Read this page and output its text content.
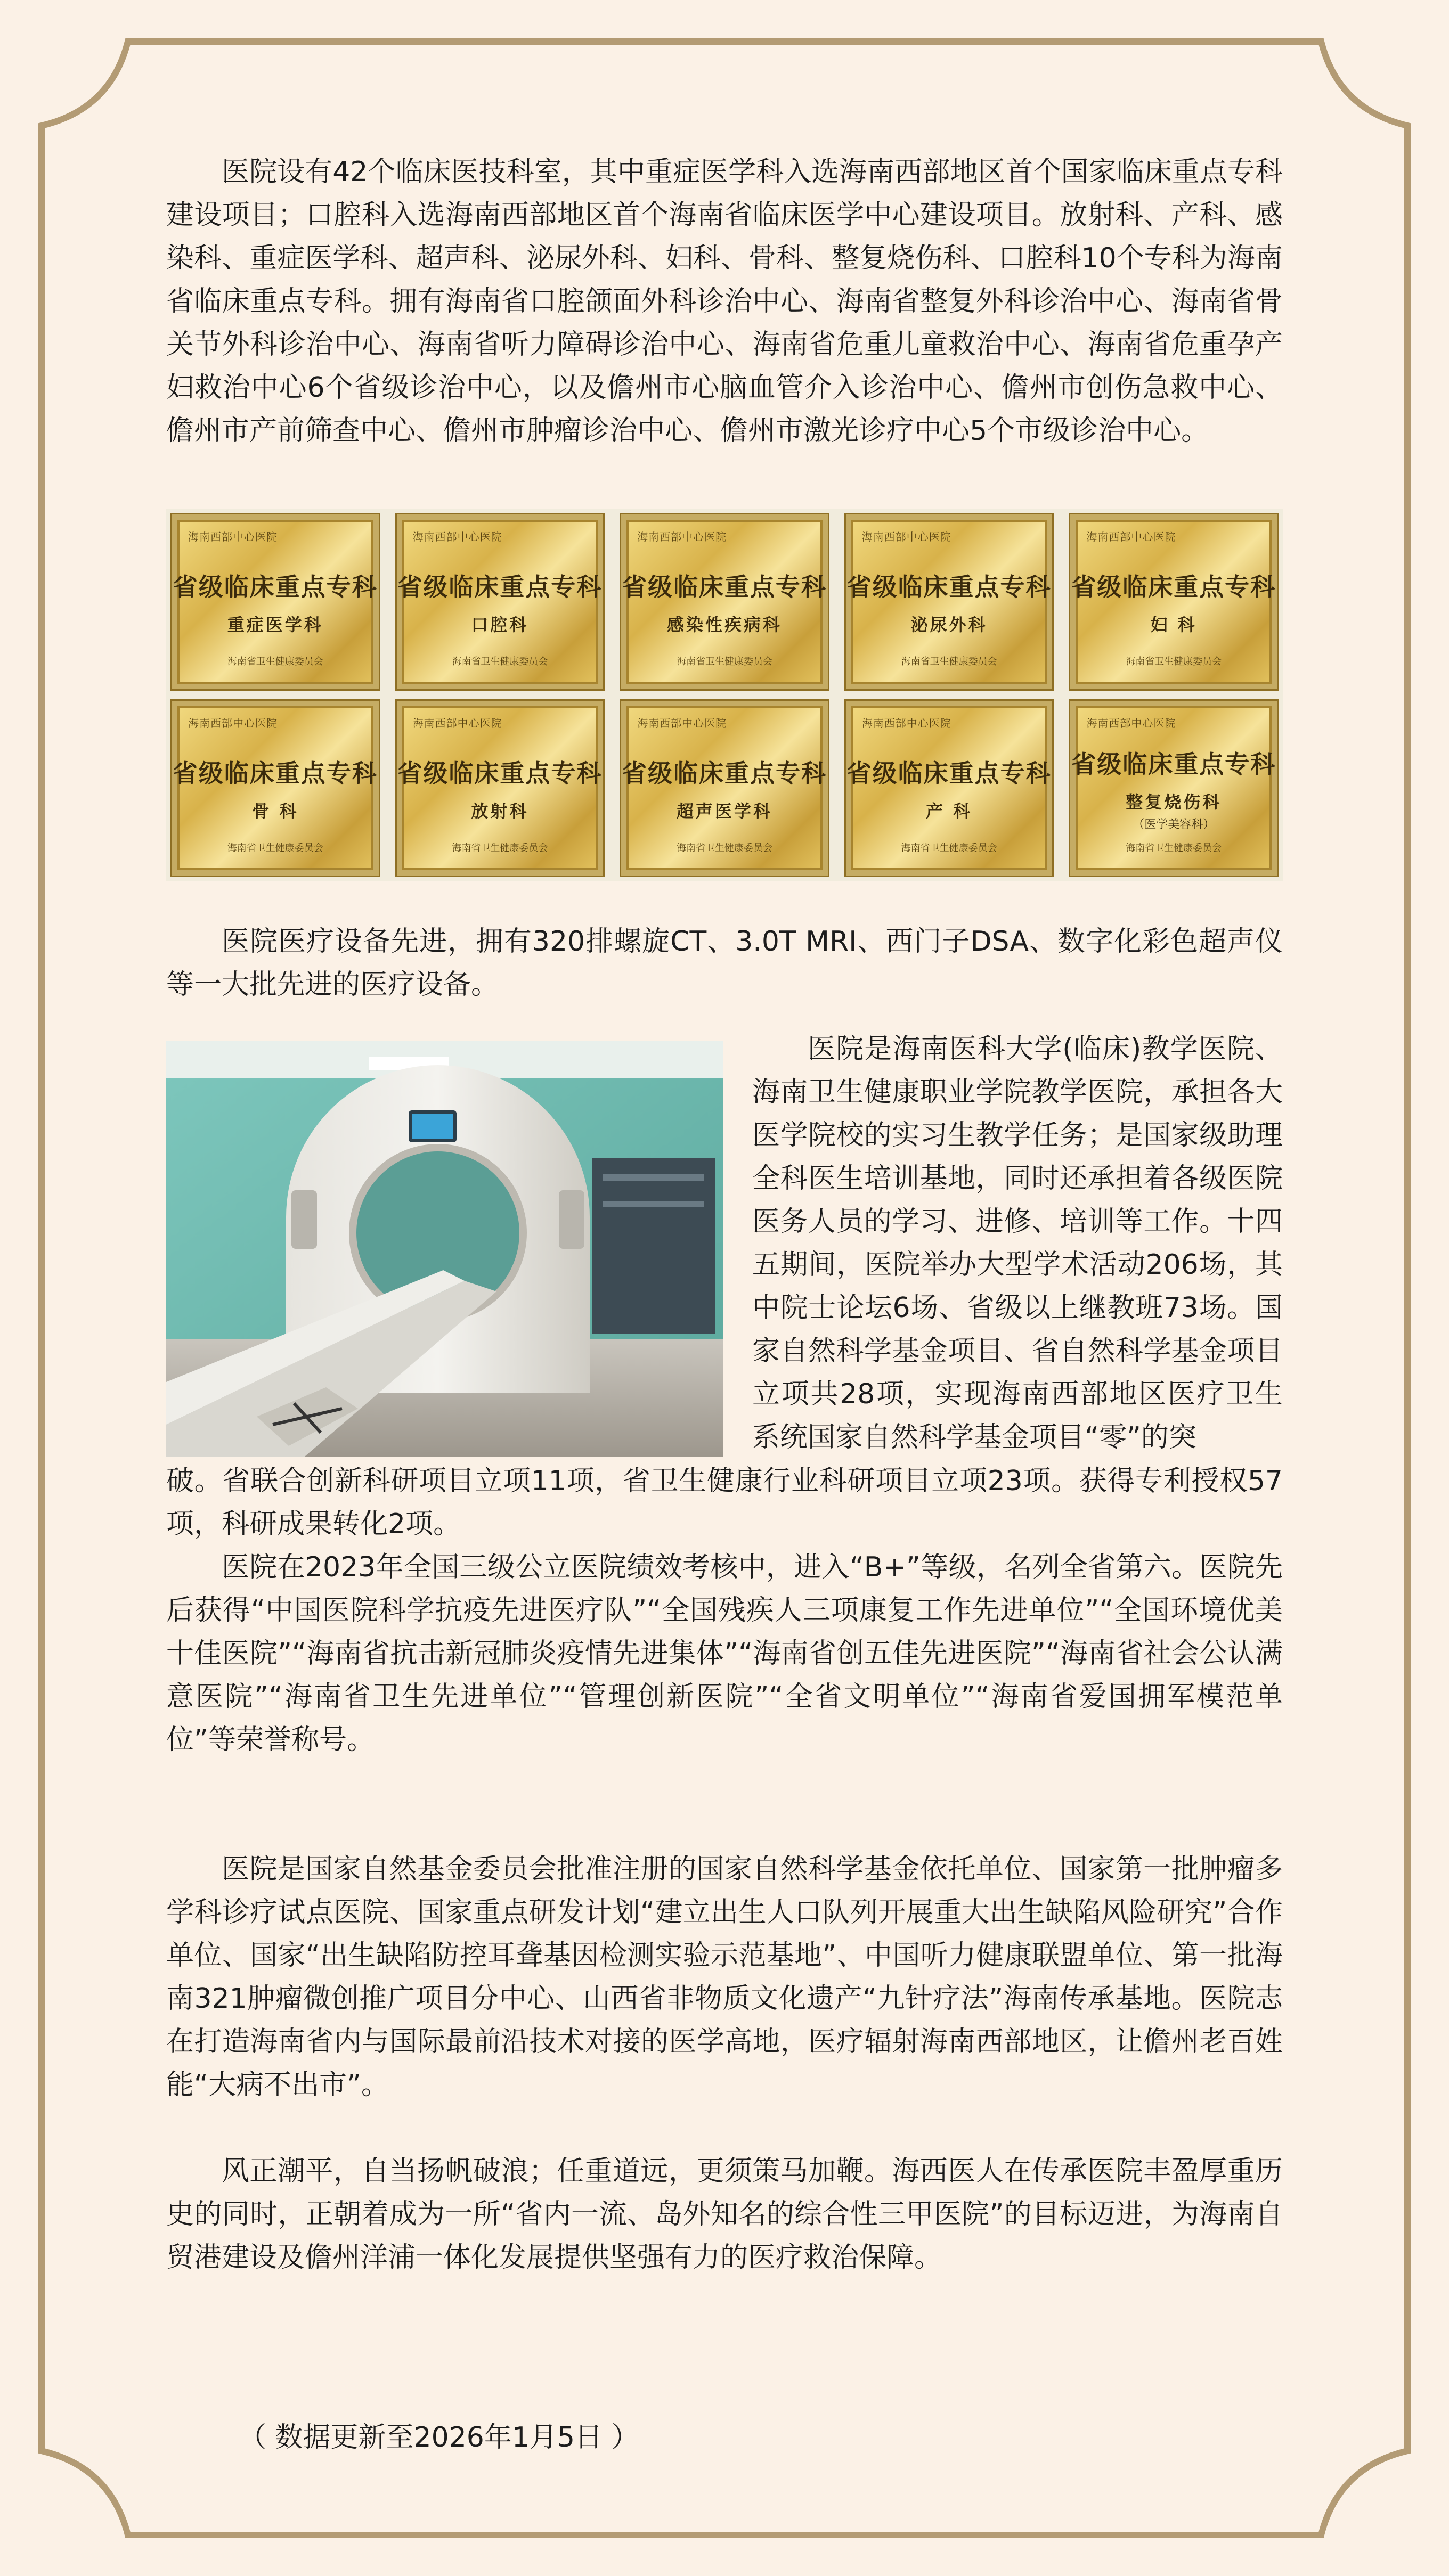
医院设有42个临床医技科室，其中重症医学科入选海南西部地区首个国家临床重点专科建设项目；口腔科入选海南西部地区首个海南省临床医学中心建设项目。放射科、产科、感染科、重症医学科、超声科、泌尿外科、妇科、骨科、整复烧伤科、口腔科10个专科为海南省临床重点专科。拥有海南省口腔颌面外科诊治中心、海南省整复外科诊治中心、海南省骨关节外科诊治中心、海南省听力障碍诊治中心、海南省危重儿童救治中心、海南省危重孕产妇救治中心6个省级诊治中心，以及儋州市心脑血管介入诊治中心、儋州市创伤急救中心、儋州市产前筛查中心、儋州市肿瘤诊治中心、儋州市激光诊疗中心5个市级诊治中心。

海南西部中心医院
省级临床重点专科
重症医学科
海南省卫生健康委员会
海南西部中心医院
省级临床重点专科
口腔科
海南省卫生健康委员会
海南西部中心医院
省级临床重点专科
感染性疾病科
海南省卫生健康委员会
海南西部中心医院
省级临床重点专科
泌尿外科
海南省卫生健康委员会
海南西部中心医院
省级临床重点专科
妇 科
海南省卫生健康委员会
海南西部中心医院
省级临床重点专科
骨 科
海南省卫生健康委员会
海南西部中心医院
省级临床重点专科
放射科
海南省卫生健康委员会
海南西部中心医院
省级临床重点专科
超声医学科
海南省卫生健康委员会
海南西部中心医院
省级临床重点专科
产 科
海南省卫生健康委员会
海南西部中心医院
省级临床重点专科
整复烧伤科
（医学美容科）
海南省卫生健康委员会

医院医疗设备先进，拥有320排螺旋CT、3.0T MRI、西门子DSA、数字化彩色超声仪等一大批先进的医疗设备。

医院是海南医科大学(临床)教学医院、海南卫生健康职业学院教学医院，承担各大医学院校的实习生教学任务；是国家级助理全科医生培训基地，同时还承担着各级医院医务人员的学习、进修、培训等工作。十四五期间，医院举办大型学术活动206场，其中院士论坛6场、省级以上继教班73场。国家自然科学基金项目、省自然科学基金项目立项共28项，实现海南西部地区医疗卫生系统国家自然科学基金项目“零”的突

破。省联合创新科研项目立项11项，省卫生健康行业科研项目立项23项。获得专利授权57项，科研成果转化2项。

医院在2023年全国三级公立医院绩效考核中，进入“B+”等级，名列全省第六。医院先后获得“中国医院科学抗疫先进医疗队”“全国残疾人三项康复工作先进单位”“全国环境优美十佳医院”“海南省抗击新冠肺炎疫情先进集体”“海南省创五佳先进医院”“海南省社会公认满意医院”“海南省卫生先进单位”“管理创新医院”“全省文明单位”“海南省爱国拥军模范单位”等荣誉称号。

医院是国家自然基金委员会批准注册的国家自然科学基金依托单位、国家第一批肿瘤多学科诊疗试点医院、国家重点研发计划“建立出生人口队列开展重大出生缺陷风险研究”合作单位、国家“出生缺陷防控耳聋基因检测实验示范基地”、中国听力健康联盟单位、第一批海南321肿瘤微创推广项目分中心、山西省非物质文化遗产“九针疗法”海南传承基地。医院志在打造海南省内与国际最前沿技术对接的医学高地，医疗辐射海南西部地区，让儋州老百姓能“大病不出市”。

风正潮平，自当扬帆破浪；任重道远，更须策马加鞭。海西医人在传承医院丰盈厚重历史的同时，正朝着成为一所“省内一流、岛外知名的综合性三甲医院”的目标迈进，为海南自贸港建设及儋州洋浦一体化发展提供坚强有力的医疗救治保障。

（ 数据更新至2026年1月5日 ）
